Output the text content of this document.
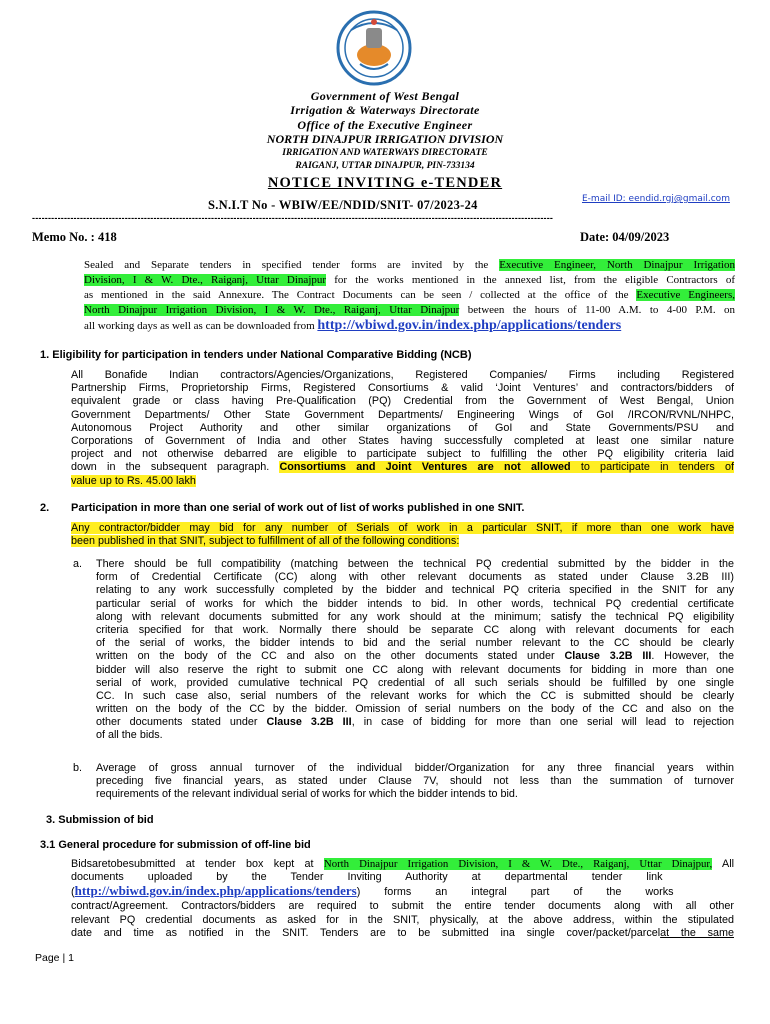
Government of West Bengal
Irrigation & Waterways Directorate
Office of the Executive Engineer
NORTH DINAJPUR IRRIGATION DIVISION
IRRIGATION AND WATERWAYS DIRECTORATE
RAIGANJ, UTTAR DINAJPUR, PIN-733134
NOTICE INVITING e-TENDER
S.N.I.T No - WBIW/EE/NDID/SNIT- 07/2023-24	E-mail ID: eendid.rgj@gmail.com
-------------------------------------------------------------------------------------------------------------------------------------------------------------------
Memo No. : 418	Date: 04/09/2023
Sealed and Separate tenders in specified tender forms are invited by the Executive Engineer, North Dinajpur Irrigation
Division, I & W. Dte., Raiganj, Uttar Dinajpur for the works mentioned in the annexed list, from the eligible Contractors of
as mentioned in the said Annexure. The Contract Documents can be seen / collected at the office of the Executive Engineers,
North Dinajpur Irrigation Division, I & W. Dte., Raiganj, Uttar Dinajpur between the hours of 11-00 A.M. to 4-00 P.M. on
all working days as well as can be downloaded from http://wbiwd.gov.in/index.php/applications/tenders
1. Eligibility for participation in tenders under National Comparative Bidding (NCB)
All Bonafide Indian contractors/Agencies/Organizations, Registered Companies/ Firms including Registered
Partnership Firms, Proprietorship Firms, Registered Consortiums & valid ‘Joint Ventures’ and contractors/bidders of
equivalent grade or class having Pre-Qualification (PQ) Credential from the Government of West Bengal, Union
Government Departments/ Other State Government Departments/ Engineering Wings of GoI /IRCON/RVNL/NHPC,
Autonomous Project Authority and other similar organizations of GoI and State Governments/PSU and
Corporations of Government of India and other States having successfully completed at least one similar nature
project and not otherwise debarred are eligible to participate subject to fulfilling the other PQ eligibility criteria laid
down in the subsequent paragraph. Consortiums and Joint Ventures are not allowed to participate in tenders of
value up to Rs. 45.00 lakh
2. Participation in more than one serial of work out of list of works published in one SNIT.
Any contractor/bidder may bid for any number of Serials of work in a particular SNIT, if more than one work have
been published in that SNIT, subject to fulfillment of all of the following conditions:
a. There should be full compatibility (matching between the technical PQ credential submitted by the bidder in the
form of Credential Certificate (CC) along with other relevant documents as stated under Clause 3.2B III)
relating to any work successfully completed by the bidder and technical PQ criteria specified in the SNIT for any
particular serial of works for which the bidder intends to bid. In other words, technical PQ credential certificate
along with relevant documents submitted for any work should at the minimum; satisfy the technical PQ eligibility
criteria specified for that work. Normally there should be separate CC along with relevant documents for each
of the serial of works, the bidder intends to bid and the serial number relevant to the CC should be clearly
written on the body of the CC and also on the other documents stated under Clause 3.2B III. However, the
bidder will also reserve the right to submit one CC along with relevant documents for bidding in more than one
serial of work, provided cumulative technical PQ credential of all such serials should be fulfilled by one single
CC. In such case also, serial numbers of the relevant works for which the CC is submitted should be clearly
written on the body of the CC by the bidder. Omission of serial numbers on the body of the CC and also on the
other documents stated under Clause 3.2B III, in case of bidding for more than one serial will lead to rejection
of all the bids.
b. Average of gross annual turnover of the individual bidder/Organization for any three financial years within
preceding five financial years, as stated under Clause 7V, should not less than the summation of turnover
requirements of the relevant individual serial of works for which the bidder intends to bid.
3. Submission of bid
3.1 General procedure for submission of off-line bid
Bidsaretobesubmitted at tender box kept at North Dinajpur Irrigation Division, I & W. Dte., Raiganj, Uttar Dinajpur, All
documents        uploaded        by        the        Tender        Inviting        Authority        at        departmental        tender        link
(http://wbiwd.gov.in/index.php/applications/tenders)        forms        an        integral        part        of        the        works
contract/Agreement. Contractors/bidders are required to submit the entire tender documents along with all other
relevant PQ credential documents as asked for in the SNIT, physically, at the above address, within the stipulated
date and time as notified in the SNIT. Tenders are to be submitted ina single cover/packet/parcelat the same
Page | 1
